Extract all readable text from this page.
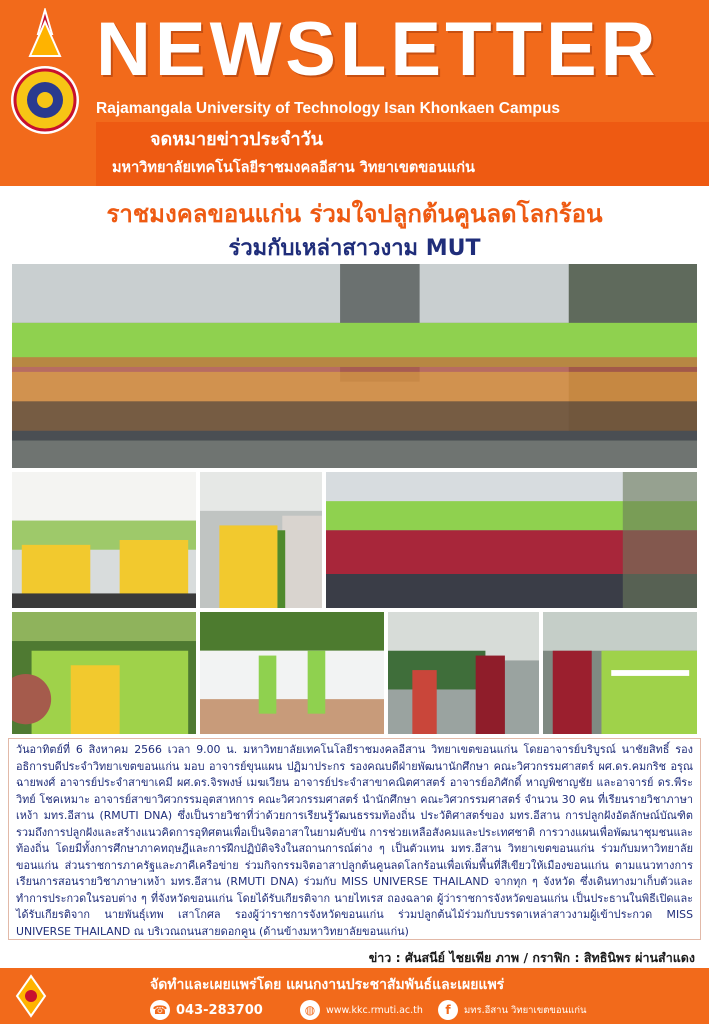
NEWSLETTER
Rajamangala University of Technology Isan Khonkaen Campus
จดหมายข่าวประจำวัน
มหาวิทยาลัยเทคโนโลยีราชมงคลอีสาน วิทยาเขตขอนแก่น
ราชมงคลขอนแก่น ร่วมใจปลูกต้นคูนลดโลกร้อน
ร่วมกับเหล่าสาวงาม MUT

วันอาทิตย์ที่ 6 สิงหาคม 2566 เวลา 9.00 น. มหาวิทยาลัยเทคโนโลยีราชมงคลอีสาน วิทยาเขตขอนแก่น โดยอาจารย์บริบูรณ์ นาชัยสิทธิ์ รองอธิการบดีประจำวิทยาเขตขอนแก่น มอบ อาจารย์ขุนแผน ปฏิมาประกร รองคณบดีฝ่ายพัฒนานักศึกษา คณะวิศวกรรมศาสตร์ ผศ.ดร.คมกริช อรุณฉายพงศ์ อาจารย์ประจำสาขาเคมี ผศ.ดร.จิรพงษ์ เมฆเวียน อาจารย์ประจำสาขาคณิตศาสตร์ อาจารย์อภิศักดิ์ หาญพิชาญชัย และอาจารย์ ดร.พีระวิทย์ โชคเหมาะ อาจารย์สาขาวิศวกรรมอุตสาหการ คณะวิศวกรรมศาสตร์ นำนักศึกษา คณะวิศวกรรมศาสตร์ จำนวน 30 คน ที่เรียนรายวิชาภาษาเหง้า มทร.อีสาน (RMUTI DNA) ซึ่งเป็นรายวิชาที่ว่าด้วยการเรียนรู้วัฒนธรรมท้องถิ่น ประวัติศาสตร์ของ มทร.อีสาน การปลูกฝังอัตลักษณ์บัณฑิต รวมถึงการปลูกฝังและสร้างแนวคิดการอุทิศตนเพื่อเป็นจิตอาสาในยามคับขัน การช่วยเหลือสังคมและประเทศชาติ การวางแผนเพื่อพัฒนาชุมชนและท้องถิ่น โดยมีทั้งการศึกษาภาคทฤษฎีและการฝึกปฏิบัติจริงในสถานการณ์ต่าง ๆ เป็นตัวแทน มทร.อีสาน วิทยาเขตขอนแก่น ร่วมกับมหาวิทยาลัยขอนแก่น ส่วนราชการภาครัฐและภาคีเครือข่าย ร่วมกิจกรรมจิตอาสาปลูกต้นคูนลดโลกร้อนเพื่อเพิ่มพื้นที่สีเขียวให้เมืองขอนแก่น ตามแนวทางการเรียนการสอนรายวิชาภาษาเหง้า มทร.อีสาน (RMUTI DNA) ร่วมกับ MISS UNIVERSE THAILAND จากทุก ๆ จังหวัด ซึ่งเดินทางมาเก็บตัวและทำการประกวดในรอบต่าง ๆ ที่จังหวัดขอนแก่น โดยได้รับเกียรติจาก นายไทเรส ถองฉลาด ผู้ว่าราชการจังหวัดขอนแก่น เป็นประธานในพิธีเปิดและได้รับเกียรติจาก นายพันธุ์เทพ เสาโกศล รองผู้ว่าราชการจังหวัดขอนแก่น ร่วมปลูกต้นไม้ร่วมกับบรรดาเหล่าสาวงามผู้เข้าประกวด MISS UNIVERSE THAILAND ณ บริเวณถนนสายดอกคูน (ด้านข้างมหาวิทยาลัยขอนแก่น)

ข่าว : ศันสนีย์ ไชยเพีย ภาพ / กราฟิก : สิทธินิพร ผ่านสำแดง
จัดทำและเผยแพร่โดย แผนกงานประชาสัมพันธ์และเผยแพร่
☎ 043-283700	◍	www.kkc.rmuti.ac.th	f	มทร.อีสาน วิทยาเขตขอนแก่น
